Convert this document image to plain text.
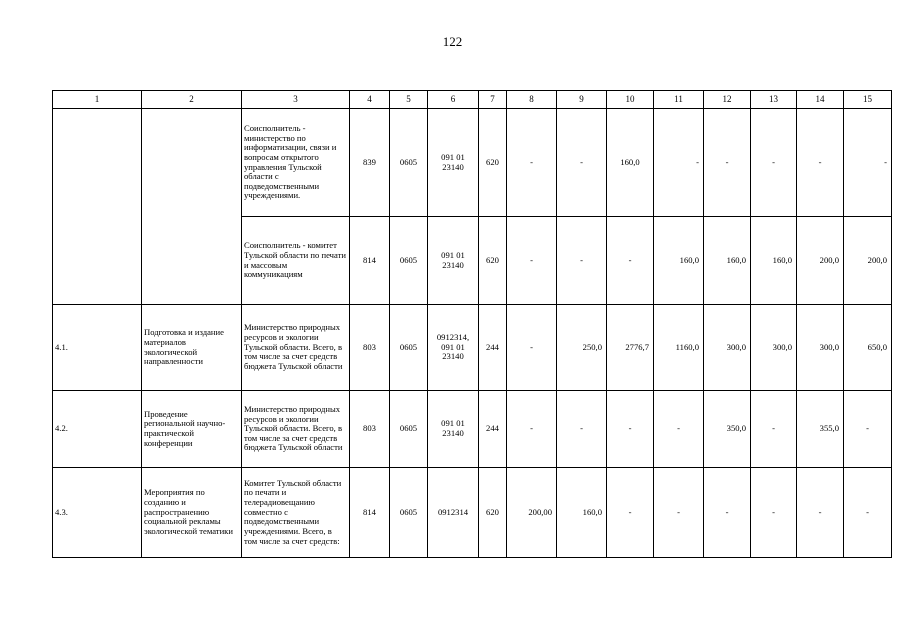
122
1	2	3	4	5	6	7	8	9	10	11	12	13	14	15
		Соисполнитель - министерство по информатизации, связи и вопросам открытого управления Тульской области с подведомственными учреждениями.	839	0605	091 01 23140	620	-	-	160,0	-	-	-	-	-
		Соисполнитель - комитет Тульской области по печати и массовым коммуникациям	814	0605	091 01 23140	620	-	-	-	160,0	160,0	160,0	200,0	200,0
4.1.	Подготовка и издание материалов экологической направленности	Министерство природных ресурсов и экологии Тульской области. Всего, в том числе за счет средств бюджета Тульской области	803	0605	0912314, 091 01 23140	244	-	250,0	2776,7	1160,0	300,0	300,0	300,0	650,0
4.2.	Проведение региональной научно-практической конференции	Министерство природных ресурсов и экологии Тульской области. Всего, в том числе за счет средств бюджета Тульской области	803	0605	091 01 23140	244	-	-	-	-	350,0	-	355,0	-
4.3.	Мероприятия по созданию и распространению социальной рекламы экологической тематики	Комитет Тульской области по печати и телерадиовещанию совместно с подведомственными учреждениями. Всего, в том числе за счет средств:	814	0605	0912314	620	200,00	160,0	-	-	-	-	-	-
